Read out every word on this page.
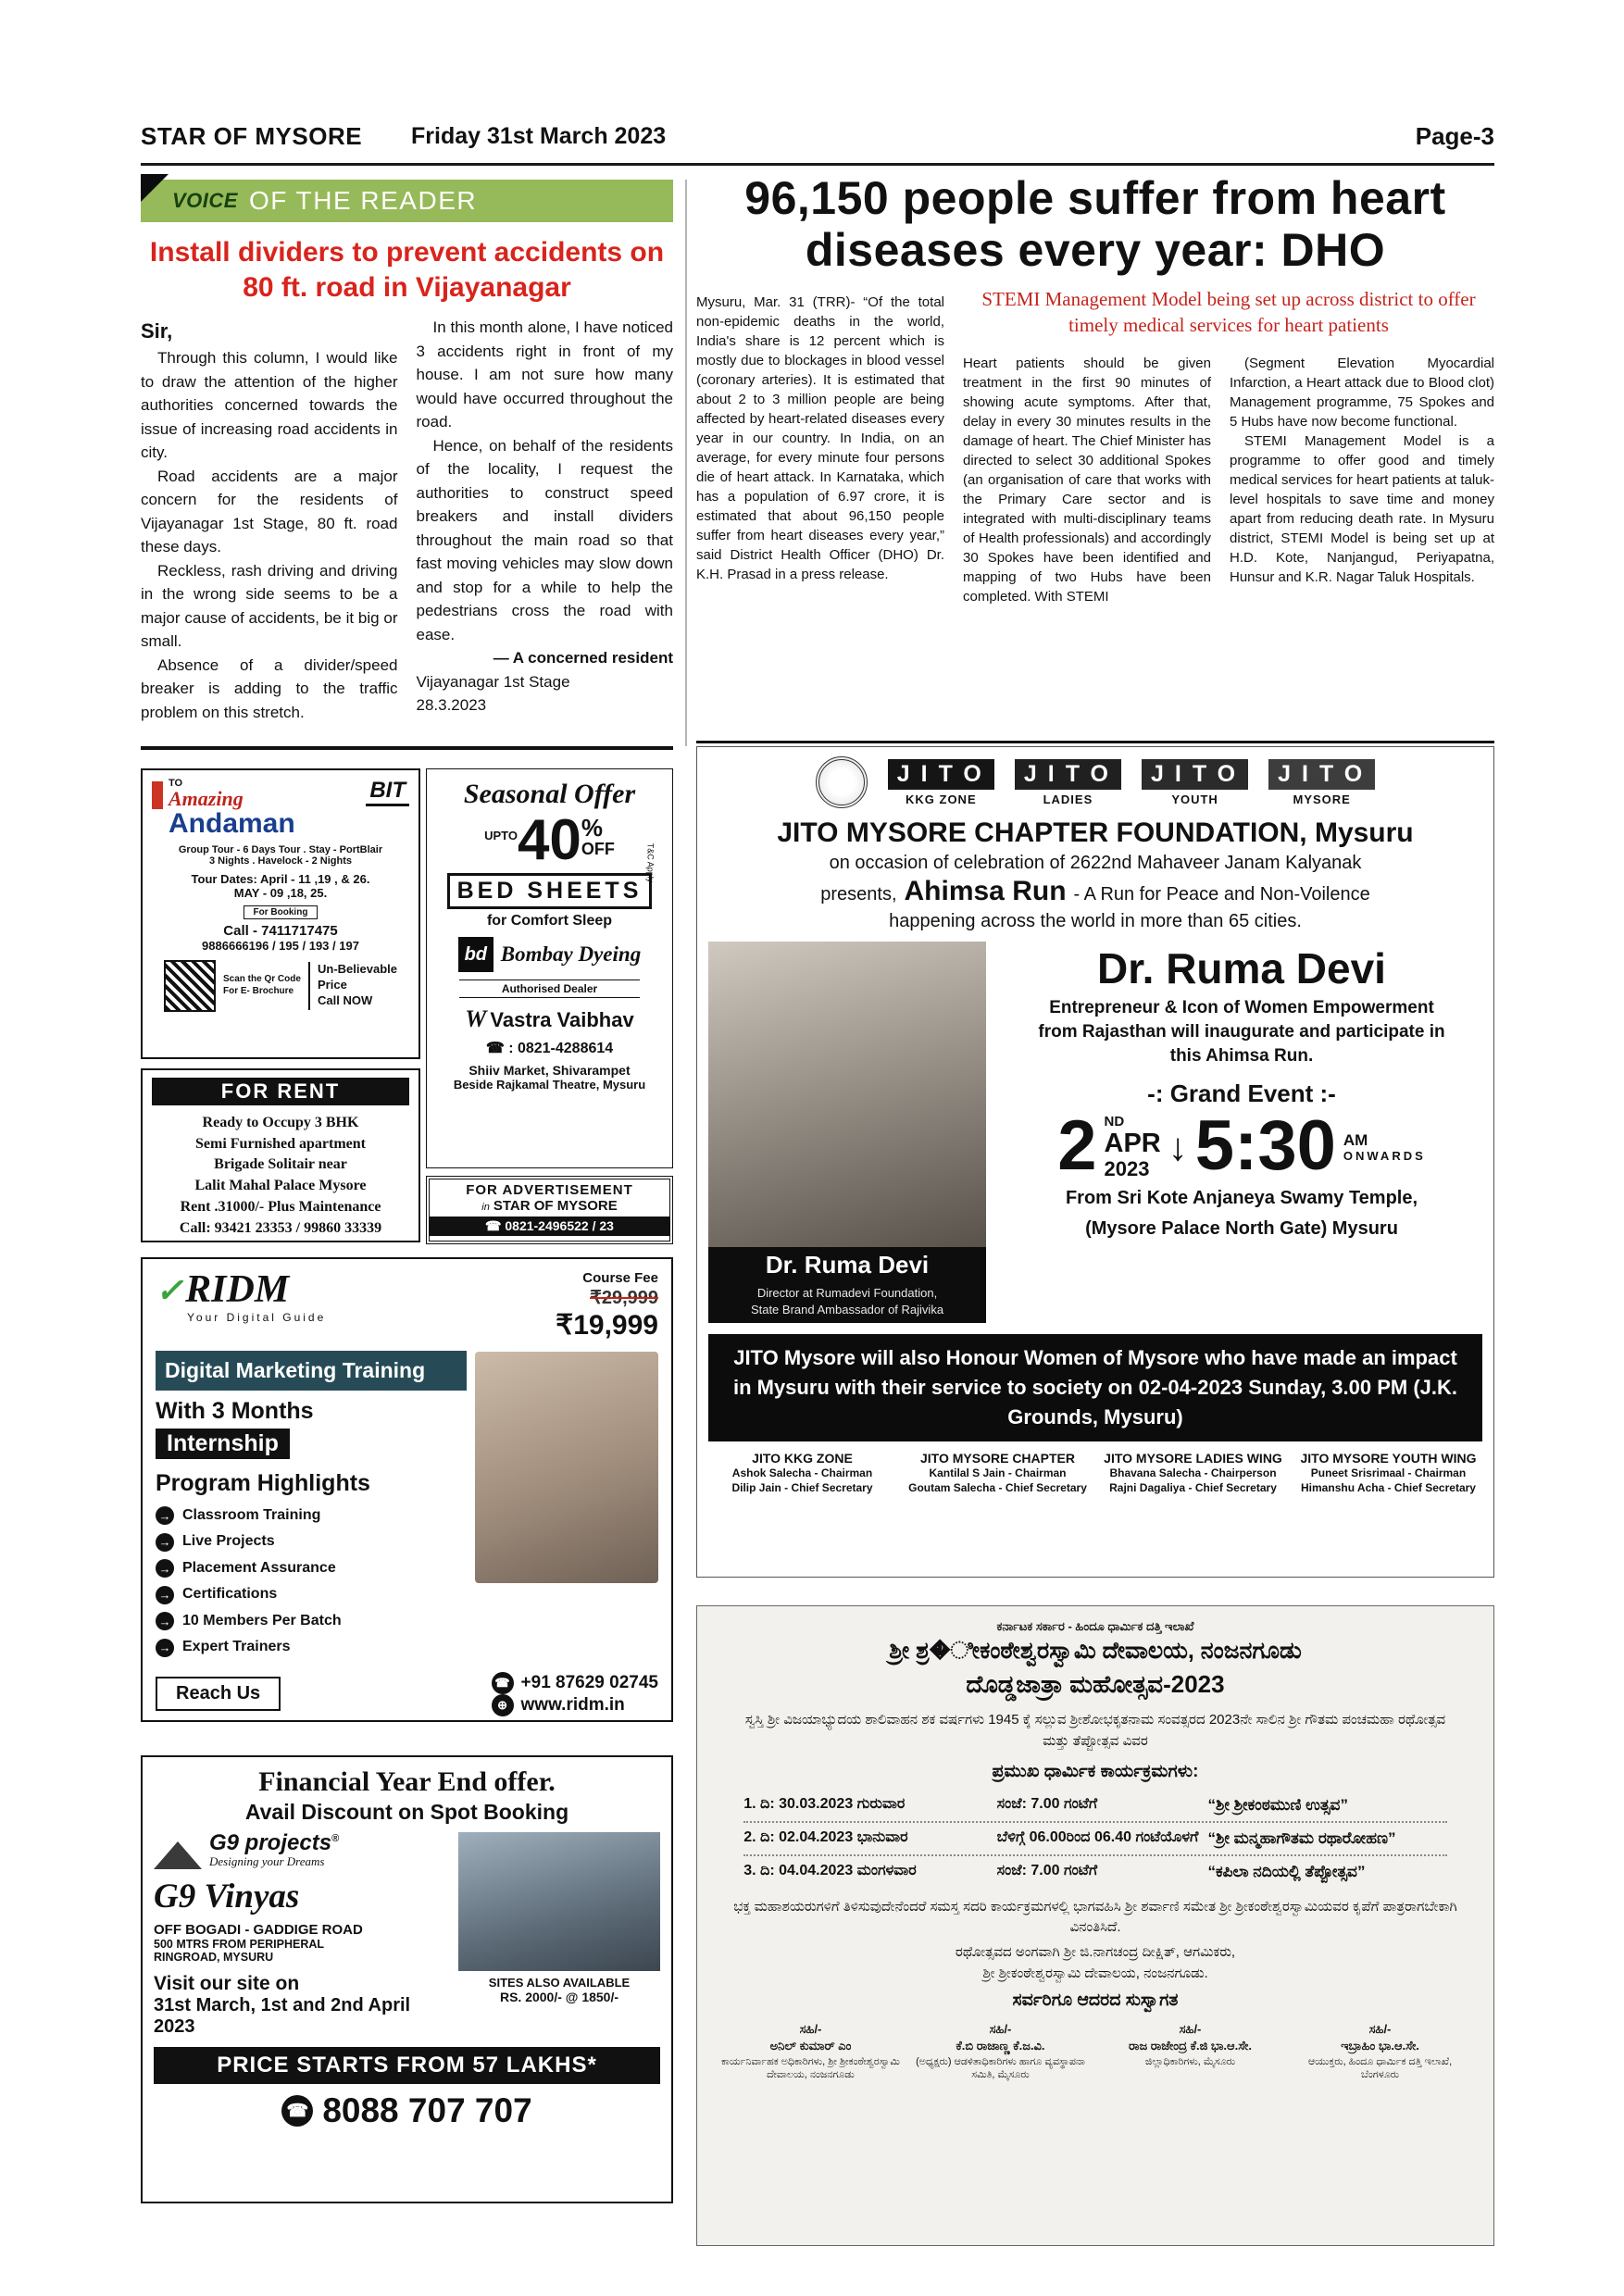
STAR OF MYSORE Friday 31st March 2023	Page-3
VOICE OF THE READER
Install dividers to prevent accidents on 80 ft. road in Vijayanagar

Sir,

Through this column, I would like to draw the attention of the higher authorities concerned towards the issue of increasing road accidents in city.

Road accidents are a major concern for the residents of Vijayanagar 1st Stage, 80 ft. road these days.

Reckless, rash driving and driving in the wrong side seems to be a major cause of accidents, be it big or small.

Absence of a divider/speed breaker is adding to the traffic problem on this stretch.

In this month alone, I have noticed 3 accidents right in front of my house. I am not sure how many would have occurred throughout the road.

Hence, on behalf of the residents of the locality, I request the authorities to construct speed breakers and install dividers throughout the main road so that fast moving vehicles may slow down and stop for a while to help the pedestrians cross the road with ease.

— A concerned resident

Vijayanagar 1st Stage

28.3.2023

96,150 people suffer from heart
diseases every year: DHO
Mysuru, Mar. 31 (TRR)- “Of the total non-epidemic deaths in the world, India's share is 12 percent which is mostly due to blockages in blood vessel (coronary arteries). It is estimated that about 2 to 3 million people are being affected by heart-related diseases every year in our country. In India, on an average, for every minute four persons die of heart attack. In Karnataka, which has a population of 6.97 crore, it is estimated that about 96,150 people suffer from heart diseases every year,” said District Health Officer (DHO) Dr. K.H. Prasad in a press release.
STEMI Management Model being set up across district to offer timely medical services for heart patients
Heart patients should be given treatment in the first 90 minutes of showing acute symptoms. After that, delay in every 30 minutes results in the damage of heart. The Chief Minister has directed to select 30 additional Spokes (an organisation of care that works with the Primary Care sector and is integrated with multi-disciplinary teams of Health professionals) and accordingly 30 Spokes have been identified and mapping of two Hubs have been completed. With STEMI

(Segment Elevation Myocardial Infarction, a Heart attack due to Blood clot) Management programme, 75 Spokes and 5 Hubs have now become functional.

STEMI Management Model is a programme to offer good and timely medical services for heart patients at taluk-level hospitals to save time and money apart from reducing death rate. In Mysuru district, STEMI Model is being set up at H.D. Kote, Nanjangud, Periyapatna, Hunsur and K.R. Nagar Taluk Hospitals.

TO
Amazing
Andaman
BIT
Group Tour - 6 Days Tour . Stay - PortBlair
3 Nights . Havelock - 2 Nights
Tour Dates: April - 11 ,19 , & 26.
MAY - 09 ,18, 25.
For Booking
Call - 7411717475
9886666196 / 195 / 193 / 197
Scan the Qr Code For E- Brochure
Un-Believable
Price
Call NOW
Seasonal Offer
UPTO 40 %
OFF	T&C Apply
BED SHEETS
for Comfort Sleep
bd Bombay Dyeing
Authorised Dealer
W Vastra Vaibhav
☎ : 0821-4288614
Shiiv Market, Shivarampet
Beside Rajkamal Theatre, Mysuru
FOR RENT
Ready to Occupy 3 BHK
Semi Furnished apartment
Brigade Solitair near
Lalit Mahal Palace Mysore
Rent .31000/- Plus Maintenance
Call: 93421 23353 / 99860 33339
FOR ADVERTISEMENT
in STAR OF MYSORE
☎ 0821-2496522 / 23
✓RIDM
Your Digital Guide
Course Fee
₹29,999
₹19,999
Digital Marketing Training
With 3 Months
Internship
Program Highlights
→ Classroom Training
→ Live Projects
→ Placement Assurance
→ Certifications
→ 10 Members Per Batch
→ Expert Trainers
Reach Us
☎ +91 87629 02745
⊕ www.ridm.in
Financial Year End offer.
Avail Discount on Spot Booking
G9 projects®
Designing your Dreams
G9 Vinyas
OFF BOGADI - GADDIGE ROAD
500 MTRS FROM PERIPHERAL
RINGROAD, MYSURU
Visit our site on
31st March, 1st and 2nd April 2023
SITES ALSO AVAILABLE
RS. 2000/- @ 1850/-
PRICE STARTS FROM 57 LAKHS*
☎ 8088 707 707
JITO
KKG ZONE
JITO
LADIES
JITO
YOUTH
JITO
MYSORE
JITO MYSORE CHAPTER FOUNDATION, Mysuru
on occasion of celebration of 2622nd Mahaveer Janam Kalyanak
presents, Ahimsa Run - A Run for Peace and Non-Voilence
happening across the world in more than 65 cities.
Dr. Ruma Devi
Director at Rumadevi Foundation,
State Brand Ambassador of Rajivika
Dr. Ruma Devi
Entrepreneur & Icon of Women Empowerment from Rajasthan will inaugurate and participate in this Ahimsa Run.
-: Grand Event :-
2 ND
APR
2023
↓ 5:30 AM
ONWARDS
From Sri Kote Anjaneya Swamy Temple,
(Mysore Palace North Gate) Mysuru
JITO Mysore will also Honour Women of Mysore who have made an impact in Mysuru with their service to society on 02-04-2023 Sunday, 3.00 PM (J.K. Grounds, Mysuru)
JITO KKG ZONE
Ashok Salecha - Chairman
Dilip Jain - Chief Secretary
JITO MYSORE CHAPTER
Kantilal S Jain - Chairman
Goutam Salecha - Chief Secretary
JITO MYSORE LADIES WING
Bhavana Salecha - Chairperson
Rajni Dagaliya - Chief Secretary
JITO MYSORE YOUTH WING
Puneet Srisrimaal - Chairman
Himanshu Acha - Chief Secretary
ಕರ್ನಾಟಕ ಸರ್ಕಾರ - ಹಿಂದೂ ಧಾರ್ಮಿಕ ದತ್ತಿ ಇಲಾಖೆ
ಶ್ರೀ ಶ್ರ�ೀಕಂಠೇಶ್ವರಸ್ವಾಮಿ ದೇವಾಲಯ, ನಂಜನಗೂಡು
ದೊಡ್ಡಜಾತ್ರಾ ಮಹೋತ್ಸವ-2023
ಸ್ವಸ್ತಿ ಶ್ರೀ ವಿಜಯಾಭ್ಯುದಯ ಶಾಲಿವಾಹನ ಶಕ ವರ್ಷಗಳು 1945 ಕ್ಕೆ ಸಲ್ಲುವ ಶ್ರೀಶೋಭಕೃತನಾಮ ಸಂವತ್ಸರದ 2023ನೇ ಸಾಲಿನ ಶ್ರೀ ಗೌತಮ ಪಂಚಮಹಾ ರಥೋತ್ಸವ ಮತ್ತು ತೆಪ್ಪೋತ್ಸವ ವಿವರ
ಪ್ರಮುಖ ಧಾರ್ಮಿಕ ಕಾರ್ಯಕ್ರಮಗಳು:
1. ದಿ: 30.03.2023 ಗುರುವಾರ	ಸಂಜೆ: 7.00 ಗಂಟೆಗೆ	“ಶ್ರೀ ಶ್ರೀಕಂಠಮುಣಿ ಉತ್ಸವ”
2. ದಿ: 02.04.2023 ಭಾನುವಾರ	ಬೆಳಿಗ್ಗೆ 06.00ರಿಂದ 06.40 ಗಂಟೆಯೊಳಗೆ “ಶ್ರೀ ಮನ್ಮಹಾಗೌತಮ ರಥಾರೋಹಣ”
3. ದಿ: 04.04.2023 ಮಂಗಳವಾರ	ಸಂಜೆ: 7.00 ಗಂಟೆಗೆ	“ಕಪಿಲಾ ನದಿಯಲ್ಲಿ ತೆಪ್ಪೋತ್ಸವ”
ಭಕ್ತ ಮಹಾಶಯರುಗಳಿಗೆ ತಿಳಿಸುವುದೇನೆಂದರೆ ಸಮಸ್ತ ಸದರಿ ಕಾರ್ಯಕ್ರಮಗಳಲ್ಲಿ ಭಾಗವಹಿಸಿ ಶ್ರೀ ಶರ್ವಾಣಿ ಸಮೇತ ಶ್ರೀ ಶ್ರೀಕಂಠೇಶ್ವರಸ್ವಾಮಿಯವರ ಕೃಪೆಗೆ ಪಾತ್ರರಾಗಬೇಕಾಗಿ ವಿನಂತಿಸಿದೆ.
ರಥೋತ್ಸವದ ಅಂಗವಾಗಿ ಶ್ರೀ ಜಿ.ನಾಗಚಂದ್ರ ದೀಕ್ಷಿತ್, ಆಗಮಿಕರು,
ಶ್ರೀ ಶ್ರೀಕಂಠೇಶ್ವರಸ್ವಾಮಿ ದೇವಾಲಯ, ನಂಜನಗೂಡು.
ಸರ್ವರಿಗೂ ಆದರದ ಸುಸ್ವಾಗತ
ಸಹಿ/-
ಅನಿಲ್ ಕುಮಾರ್ ಎಂ
ಕಾರ್ಯನಿರ್ವಾಹಕ ಅಧಿಕಾರಿಗಳು, ಶ್ರೀ ಶ್ರೀಕಂಠೇಶ್ವರಸ್ವಾಮಿ ದೇವಾಲಯ, ನಂಜನಗೂಡು
ಸಹಿ/-
ಕೆ.ಬಿ ರಾಜಾಣ್ಣ ಕೆ.ಜ.ವಿ.
(ಅಧ್ಯಕ್ಷರು) ಆಡಳಿತಾಧಿಕಾರಿಗಳು ಹಾಗೂ ವ್ಯವಸ್ಥಾಪನಾ ಸಮಿತಿ, ಮೈಸೂರು
ಸಹಿ/-
ರಾಜ ರಾಜೇಂದ್ರ ಕೆ.ಜಿ ಭಾ.ಆ.ಸೇ.
ಜಿಲ್ಲಾಧಿಕಾರಿಗಳು, ಮೈಸೂರು
ಸಹಿ/-
ಇಬ್ರಾಹಿಂ ಭಾ.ಆ.ಸೇ.
ಆಯುಕ್ತರು, ಹಿಂದೂ ಧಾರ್ಮಿಕ ದತ್ತಿ ಇಲಾಖೆ, ಬೆಂಗಳೂರು
